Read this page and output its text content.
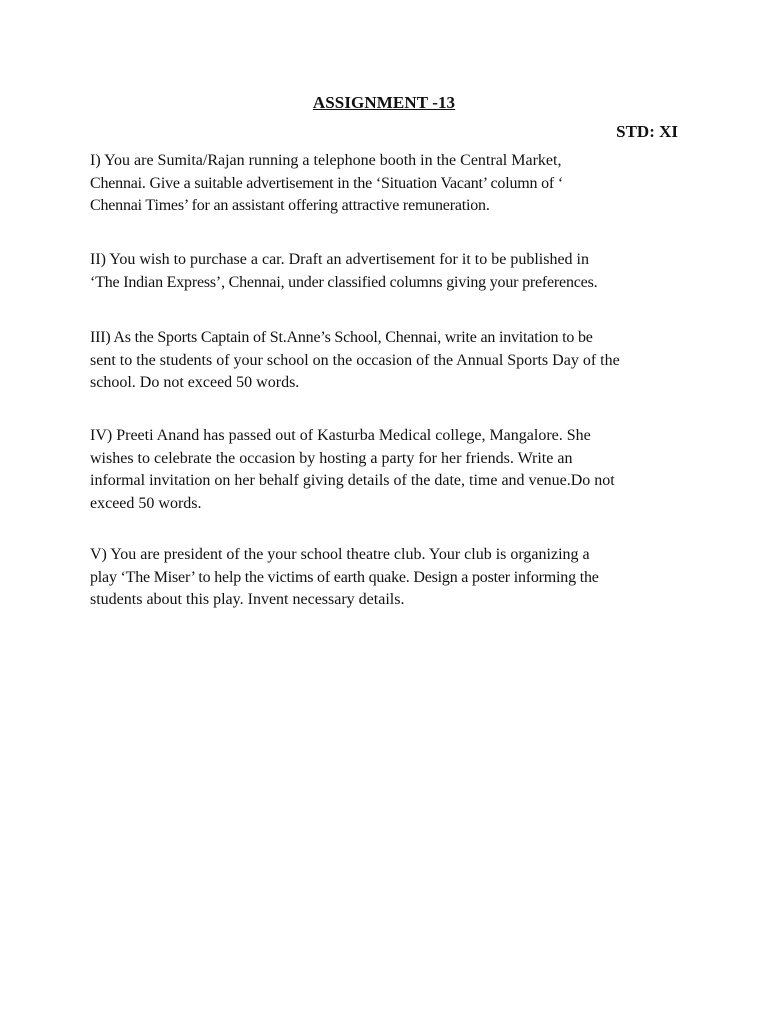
ASSIGNMENT -13
STD: XI
I) You are Sumita/Rajan running a telephone booth in the Central Market,
Chennai. Give a suitable advertisement in the ‘Situation Vacant’ column of ‘
Chennai Times’ for an assistant offering attractive remuneration.
II) You wish to purchase a car. Draft an advertisement for it to be published in
‘The Indian Express’, Chennai, under classified columns giving your preferences.
III) As the Sports Captain of St.Anne’s School, Chennai, write an invitation to be
sent to the students of your school on the occasion of the Annual Sports Day of the
school. Do not exceed 50 words.
IV) Preeti Anand has passed out of Kasturba Medical college, Mangalore. She
wishes to celebrate the occasion by hosting a party for her friends. Write an
informal invitation on her behalf giving details of the date, time and venue.Do not
exceed 50 words.
V) You are president of the your school theatre club. Your club is organizing a
play ‘The Miser’ to help the victims of earth quake. Design a poster informing the
students about this play. Invent necessary details.
